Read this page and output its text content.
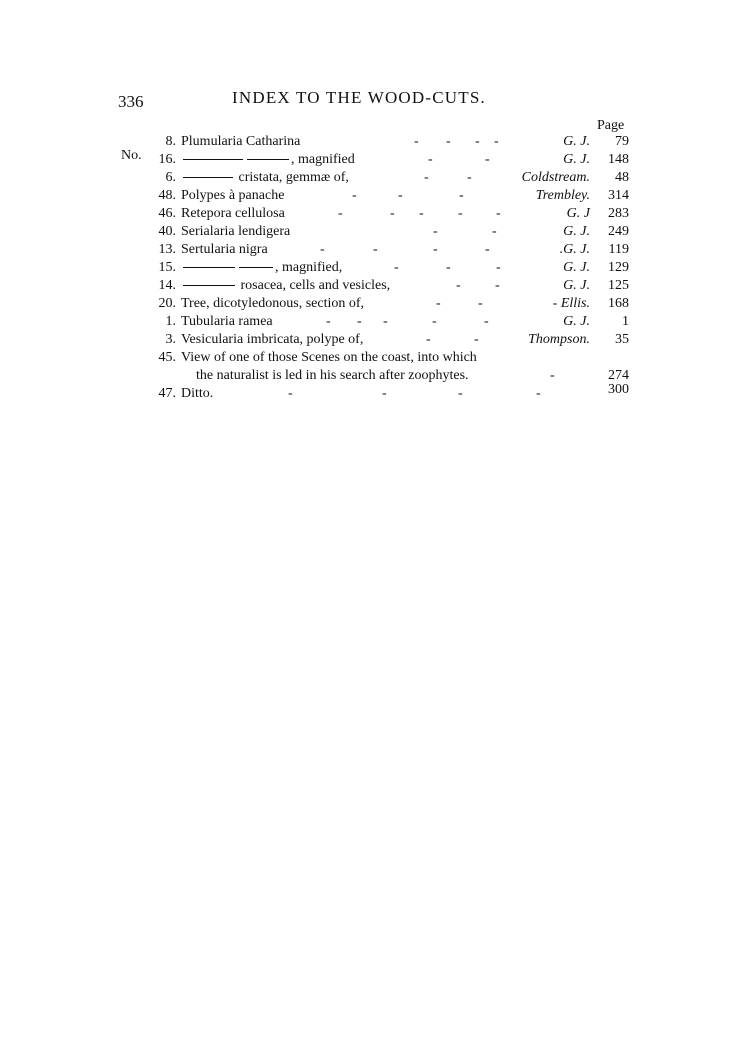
336	INDEX TO THE WOOD-CUTS.
Page
No.
8. Plumularia Catharina	- - - -	G. J. 79
16.	, magnified	-	-	G. J. 148
6.	cristata, gemmæ of,	-	-	Coldstream. 48
48. Polypes à panache	-	-	-	Trembley. 314
46. Retepora cellulosa	-	- - - -	G. J 283
40. Serialaria lendigera	-	-	G. J. 249
13. Sertularia nigra	-	-	-	-	.G. J. 119
15.	, magnified,	-	-	-	G. J. 129
14.	rosacea, cells and vesicles,	- -	G. J. 125
20. Tree, dicotyledonous, section of,	-	-	- Ellis. 168
1. Tubularia ramea	- - -	-	-	G. J. 1
3. Vesicularia imbricata, polype of,	-	-	Thompson. 35
45. View of one of those Scenes on the coast, into which
the naturalist is led in his search after zoophytes.	-	274
47. Ditto.	-	-	-	-	300
